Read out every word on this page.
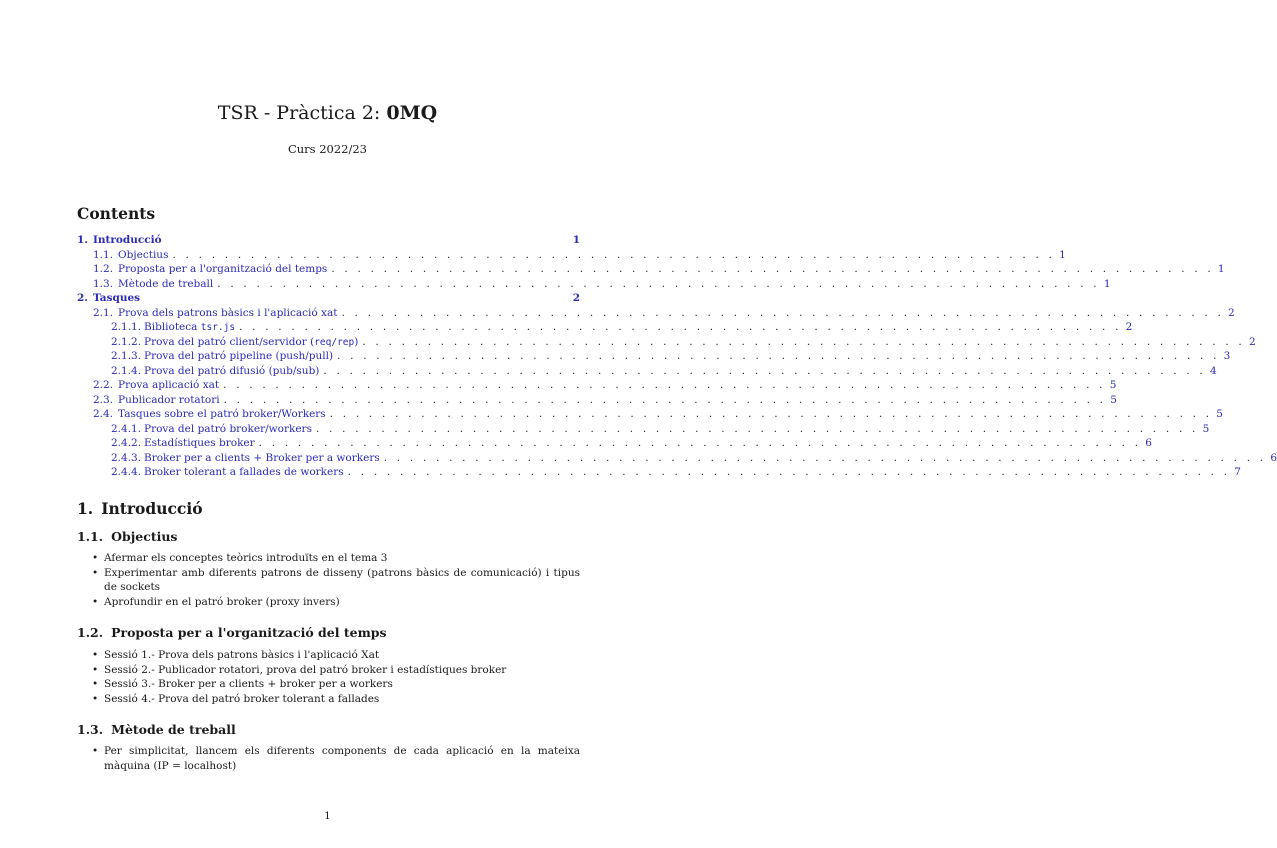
TSR - Pràctica 2: 0MQ
Curs 2022/23
Contents
1. Introducció	1
1.1. Objectius . . . . . . . . . . . . . . . . . . . . . . . . . . . . . . . . . . . . . . . . . . . . . . . . . . . . . . . . . . . . . . . . . . . . 1
1.2. Proposta per a l'organització del temps . . . . . . . . . . . . . . . . . . . . . . . . . . . . . . . . . . . . . . . . . . . . . . . . . . . . . . . . . . . . . . . . . . . . 1
1.3. Mètode de treball . . . . . . . . . . . . . . . . . . . . . . . . . . . . . . . . . . . . . . . . . . . . . . . . . . . . . . . . . . . . . . . . . . . . 1
2. Tasques	2
2.1. Prova dels patrons bàsics i l'aplicació xat . . . . . . . . . . . . . . . . . . . . . . . . . . . . . . . . . . . . . . . . . . . . . . . . . . . . . . . . . . . . . . . . . . . . 2
2.1.1. Biblioteca tsr.js . . . . . . . . . . . . . . . . . . . . . . . . . . . . . . . . . . . . . . . . . . . . . . . . . . . . . . . . . . . . . . . . . . . . 2
2.1.2. Prova del patró client/servidor (req/rep) . . . . . . . . . . . . . . . . . . . . . . . . . . . . . . . . . . . . . . . . . . . . . . . . . . . . . . . . . . . . . . . . . . . . 2
2.1.3. Prova del patró pipeline (push/pull) . . . . . . . . . . . . . . . . . . . . . . . . . . . . . . . . . . . . . . . . . . . . . . . . . . . . . . . . . . . . . . . . . . . . 3
2.1.4. Prova del patró difusió (pub/sub) . . . . . . . . . . . . . . . . . . . . . . . . . . . . . . . . . . . . . . . . . . . . . . . . . . . . . . . . . . . . . . . . . . . . 4
2.2. Prova aplicació xat . . . . . . . . . . . . . . . . . . . . . . . . . . . . . . . . . . . . . . . . . . . . . . . . . . . . . . . . . . . . . . . . . . . . 5
2.3. Publicador rotatori . . . . . . . . . . . . . . . . . . . . . . . . . . . . . . . . . . . . . . . . . . . . . . . . . . . . . . . . . . . . . . . . . . . . 5
2.4. Tasques sobre el patró broker/Workers . . . . . . . . . . . . . . . . . . . . . . . . . . . . . . . . . . . . . . . . . . . . . . . . . . . . . . . . . . . . . . . . . . . . 5
2.4.1. Prova del patró broker/workers . . . . . . . . . . . . . . . . . . . . . . . . . . . . . . . . . . . . . . . . . . . . . . . . . . . . . . . . . . . . . . . . . . . . 5
2.4.2. Estadístiques broker . . . . . . . . . . . . . . . . . . . . . . . . . . . . . . . . . . . . . . . . . . . . . . . . . . . . . . . . . . . . . . . . . . . . 6
2.4.3. Broker per a clients + Broker per a workers . . . . . . . . . . . . . . . . . . . . . . . . . . . . . . . . . . . . . . . . . . . . . . . . . . . . . . . . . . . . . . . . . . . . 6
2.4.4. Broker tolerant a fallades de workers . . . . . . . . . . . . . . . . . . . . . . . . . . . . . . . . . . . . . . . . . . . . . . . . . . . . . . . . . . . . . . . . . . . . 7
1. Introducció
1.1. Objectius
• Afermar els conceptes teòrics introduïts en el tema 3
• Experimentar amb diferents patrons de disseny (patrons bàsics de comunicació) i tipus de sockets
• Aprofundir en el patró broker (proxy invers)
1.2. Proposta per a l'organització del temps
• Sessió 1.- Prova dels patrons bàsics i l'aplicació Xat
• Sessió 2.- Publicador rotatori, prova del patró broker i estadístiques broker
• Sessió 3.- Broker per a clients + broker per a workers
• Sessió 4.- Prova del patró broker tolerant a fallades
1.3. Mètode de treball
• Per simplicitat, llancem els diferents components de cada aplicació en la mateixa màquina (IP = localhost)
1
